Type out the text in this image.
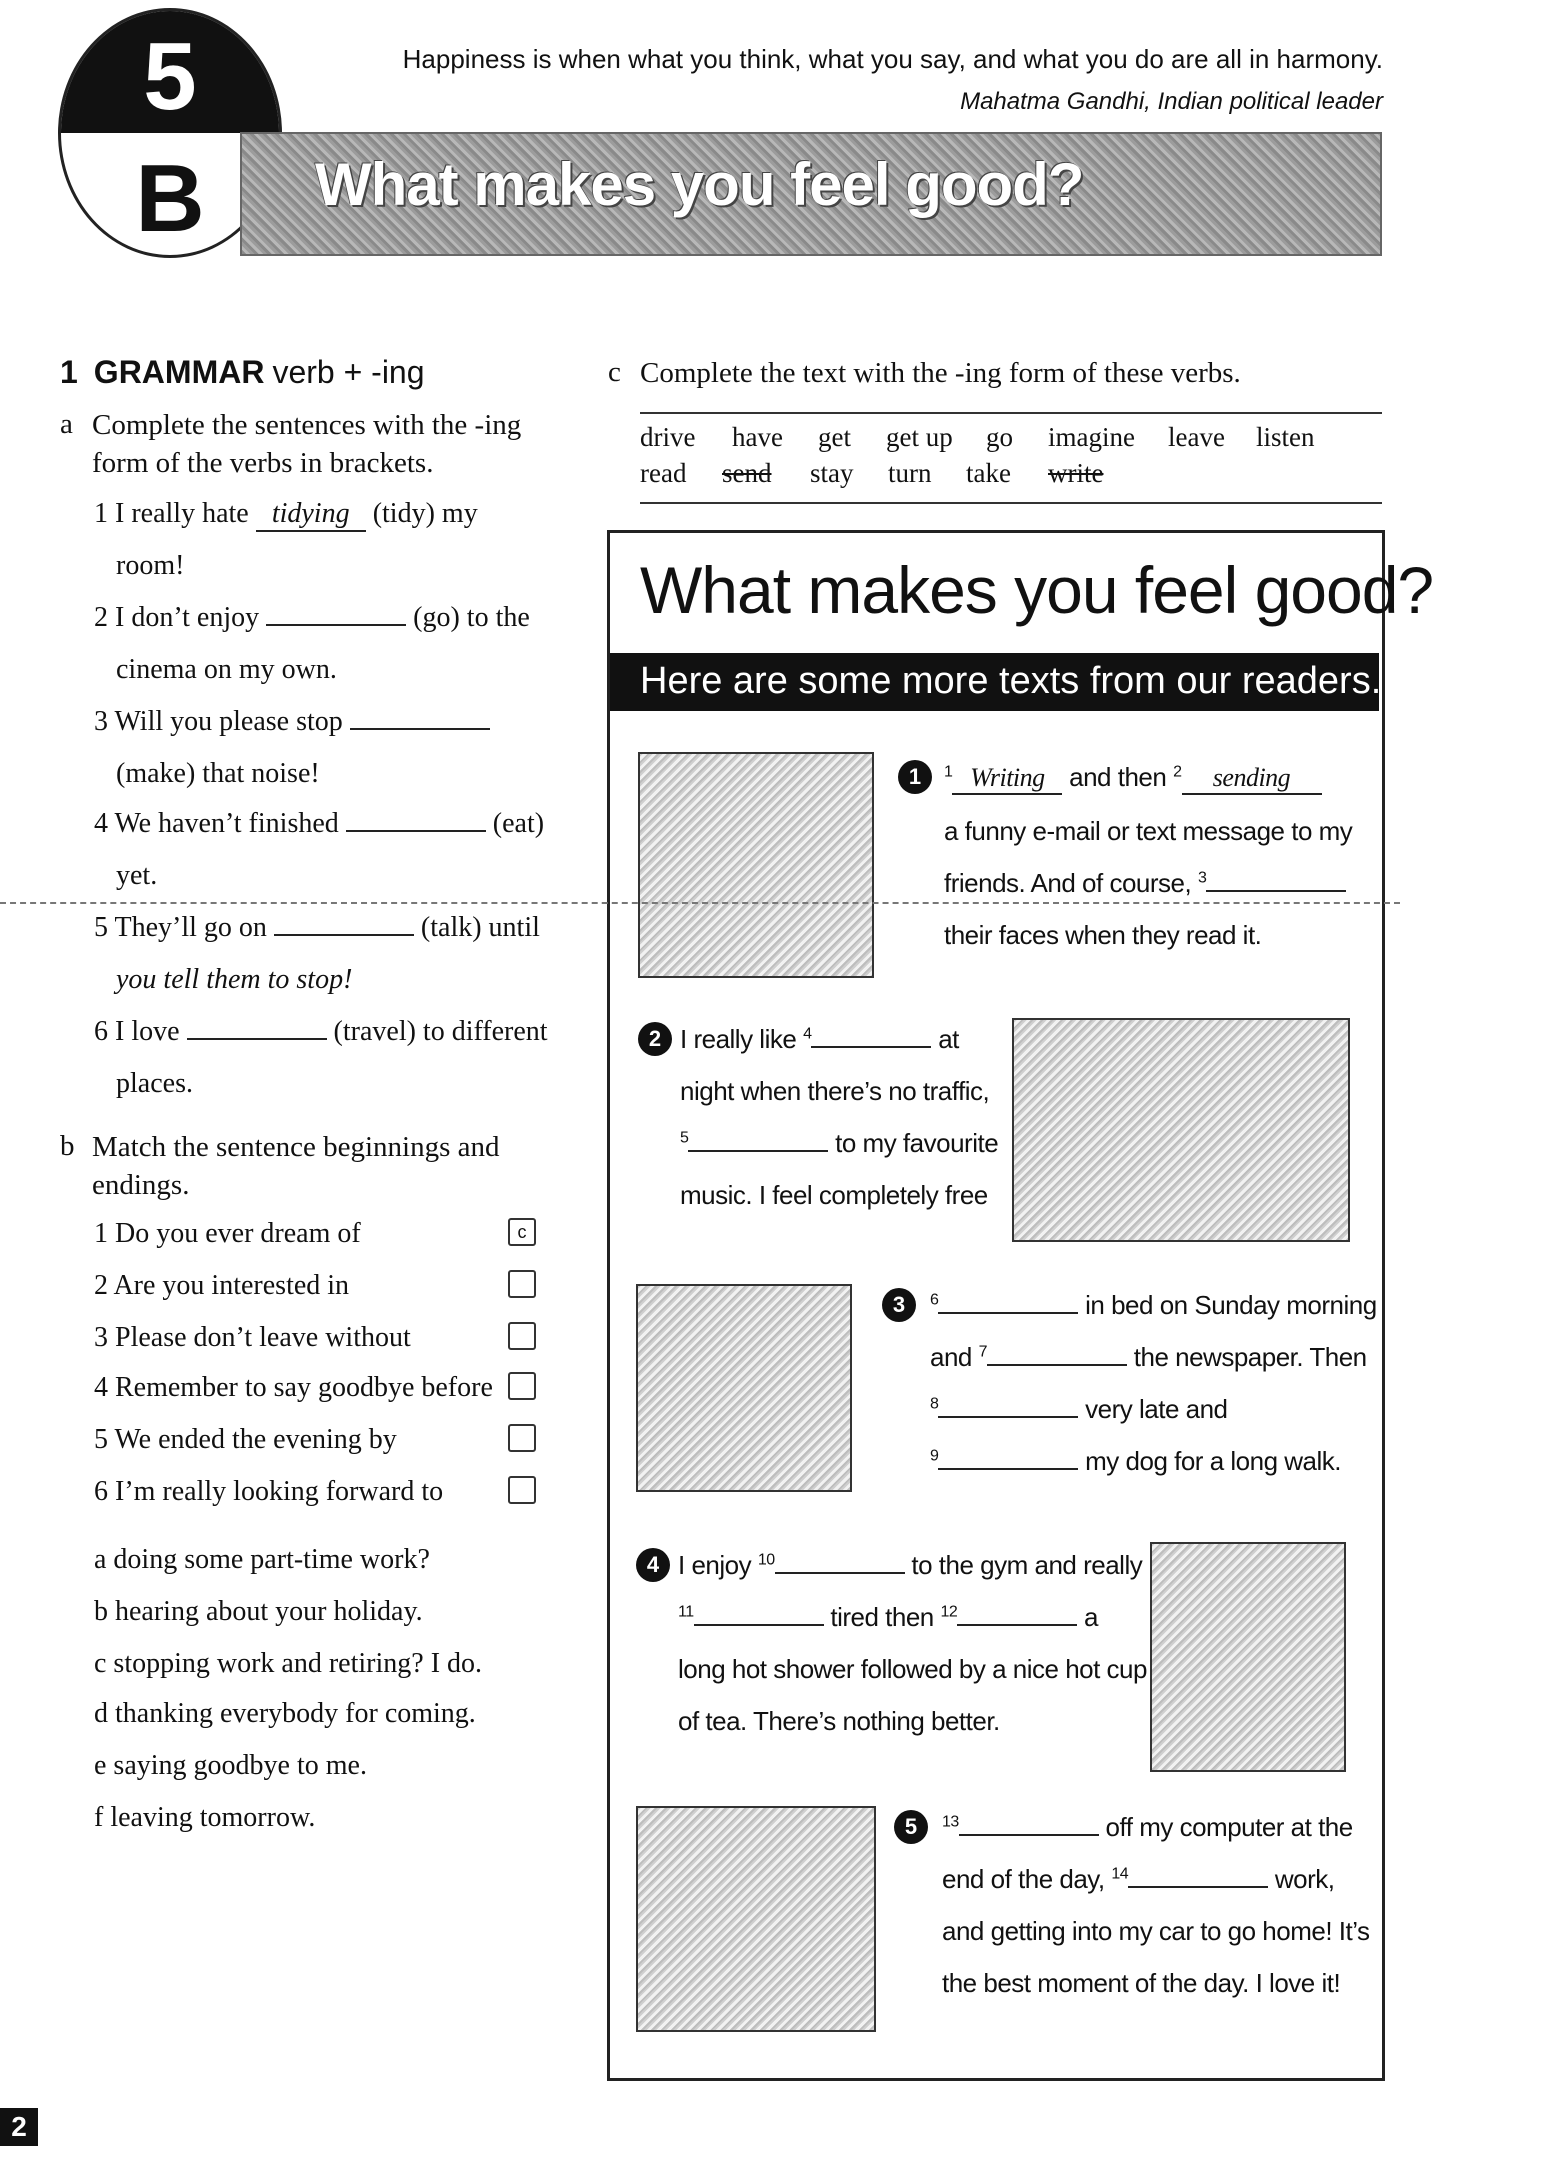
5
B	What makes you feel good?
Happiness is when what you think, what you say, and what you do are all in harmony.
Mahatma Gandhi, Indian political leader
1 GRAMMAR verb + -ing
a Complete the sentences with the -ing
form of the verbs in brackets.
1 I really hate tidying (tidy) my
room!
2 I don’t enjoy	(go) to the
cinema on my own.
3 Will you please stop
(make) that noise!
4 We haven’t finished	(eat)
yet.
5 They’ll go on	(talk) until
you tell them to stop!
6 I love	(travel) to different
places.
b Match the sentence beginnings and
endings.
1 Do you ever dream of	c
2 Are you interested in
3 Please don’t leave without
4 Remember to say goodbye before
5 We ended the evening by
6 I’m really looking forward to
a doing some part-time work?
b hearing about your holiday.
c stopping work and retiring? I do.
d thanking everybody for coming.
e saying goodbye to me.
f leaving tomorrow.
c Complete the text with the -ing form of these verbs.
drive have get get up go imagine leave listen
read send stay turn take write
What makes you feel good?
Here are some more texts from our readers.
1	$^1$ Writing and then $^2$ sending
a funny e-mail or text message to my
friends. And of course, $^3$
their faces when they read it.
2 I really like $^4$	at
night when there’s no traffic,
$^5$	to my favourite
music. I feel completely free
3	$^6$	in bed on Sunday morning
and $^7$	the newspaper. Then
$^8$	very late and
$^9$	my dog for a long walk.
4 I enjoy $^{10}$	to the gym and really
$^{11}$	tired then $^{12}$	a
long hot shower followed by a nice hot cup
of tea. There’s nothing better.
5	$^{13}$	off my computer at the
end of the day, $^{14}$	work,
and getting into my car to go home! It’s
the best moment of the day. I love it!
2
